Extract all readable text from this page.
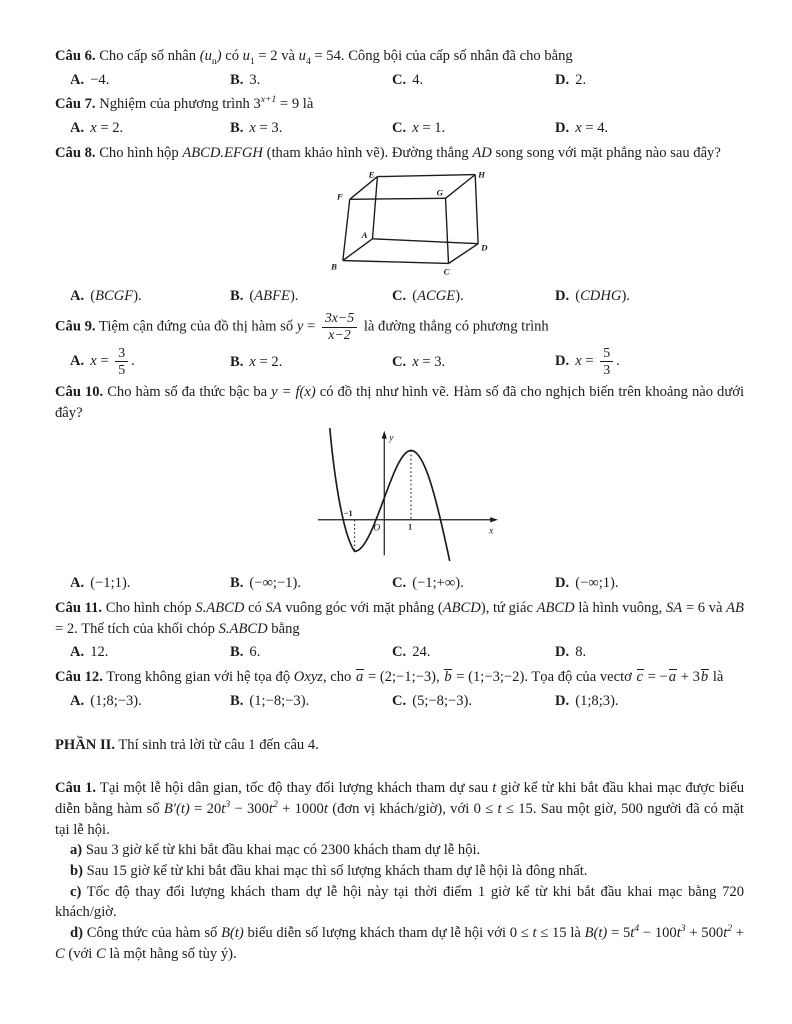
Câu 6. Cho cấp số nhân $(u_n)$ có $u_1 = 2$ và $u_4 = 54$. Công bội của cấp số nhân đã cho bằng

A. −4.	B. 3.	C. 4.	D. 2.

Câu 7. Nghiệm của phương trình $3^{x+1} = 9$ là

A. x = 2.	B. x = 3.	C. x = 1.	D. x = 4.

Câu 8. Cho hình hộp ABCD.EFGH (tham khảo hình vẽ). Đường thẳng AD song song với mặt phẳng nào sau đây?

E	H
F	G
A
D
B	C
A. (BCGF).	B. (ABFE).	C. (ACGE).	D. (CDHG).

Câu 9. Tiệm cận đứng của đồ thị hàm số $y = \frac{3x-5}{x-2}$ là đường thẳng có phương trình

A. $x = \frac{3}{5}$ .	B. x = 2.	C. x = 3.	D. $x = \frac{5}{3}$ .

Câu 10. Cho hàm số đa thức bậc ba y = f(x) có đồ thị như hình vẽ. Hàm số đã cho nghịch biến trên khoảng nào dưới đây?

y
x
O
−1
1
A. (−1;1).	B. (−∞;−1).	C. (−1;+∞).	D. (−∞;1).

Câu 11. Cho hình chóp S.ABCD có SA vuông góc với mặt phẳng (ABCD), tứ giác ABCD là hình vuông, SA = 6 và AB = 2. Thể tích của khối chóp S.ABCD bằng

A. 12.	B. 6.	C. 24.	D. 8.

Câu 12. Trong không gian với hệ tọa độ Oxyz, cho a = (2;−1;−3), b = (1;−3;−2). Tọa độ của vectơ c = −a + 3b là

A. (1;8;−3).	B. (1;−8;−3).	C. (5;−8;−3).	D. (1;8;3).

PHẦN II. Thí sinh trả lời từ câu 1 đến câu 4.

Câu 1. Tại một lễ hội dân gian, tốc độ thay đổi lượng khách tham dự sau t giờ kể từ khi bắt đầu khai mạc được biểu diễn bằng hàm số $B'(t) = 20t^3 - 300t^2 + 1000t$ (đơn vị khách/giờ), với 0 ≤ t ≤ 15. Sau một giờ, 500 người đã có mặt tại lễ hội.

a) Sau 3 giờ kể từ khi bắt đầu khai mạc có 2300 khách tham dự lễ hội.

b) Sau 15 giờ kể từ khi bắt đầu khai mạc thì số lượng khách tham dự lễ hội là đông nhất.

c) Tốc độ thay đổi lượng khách tham dự lễ hội này tại thời điểm 1 giờ kể từ khi bắt đầu khai mạc bằng 720 khách/giờ.

d) Công thức của hàm số B(t) biểu diễn số lượng khách tham dự lễ hội với 0 ≤ t ≤ 15 là $B(t) = 5t^4 - 100t^3 + 500t^2 + C$ (với C là một hằng số tùy ý).
